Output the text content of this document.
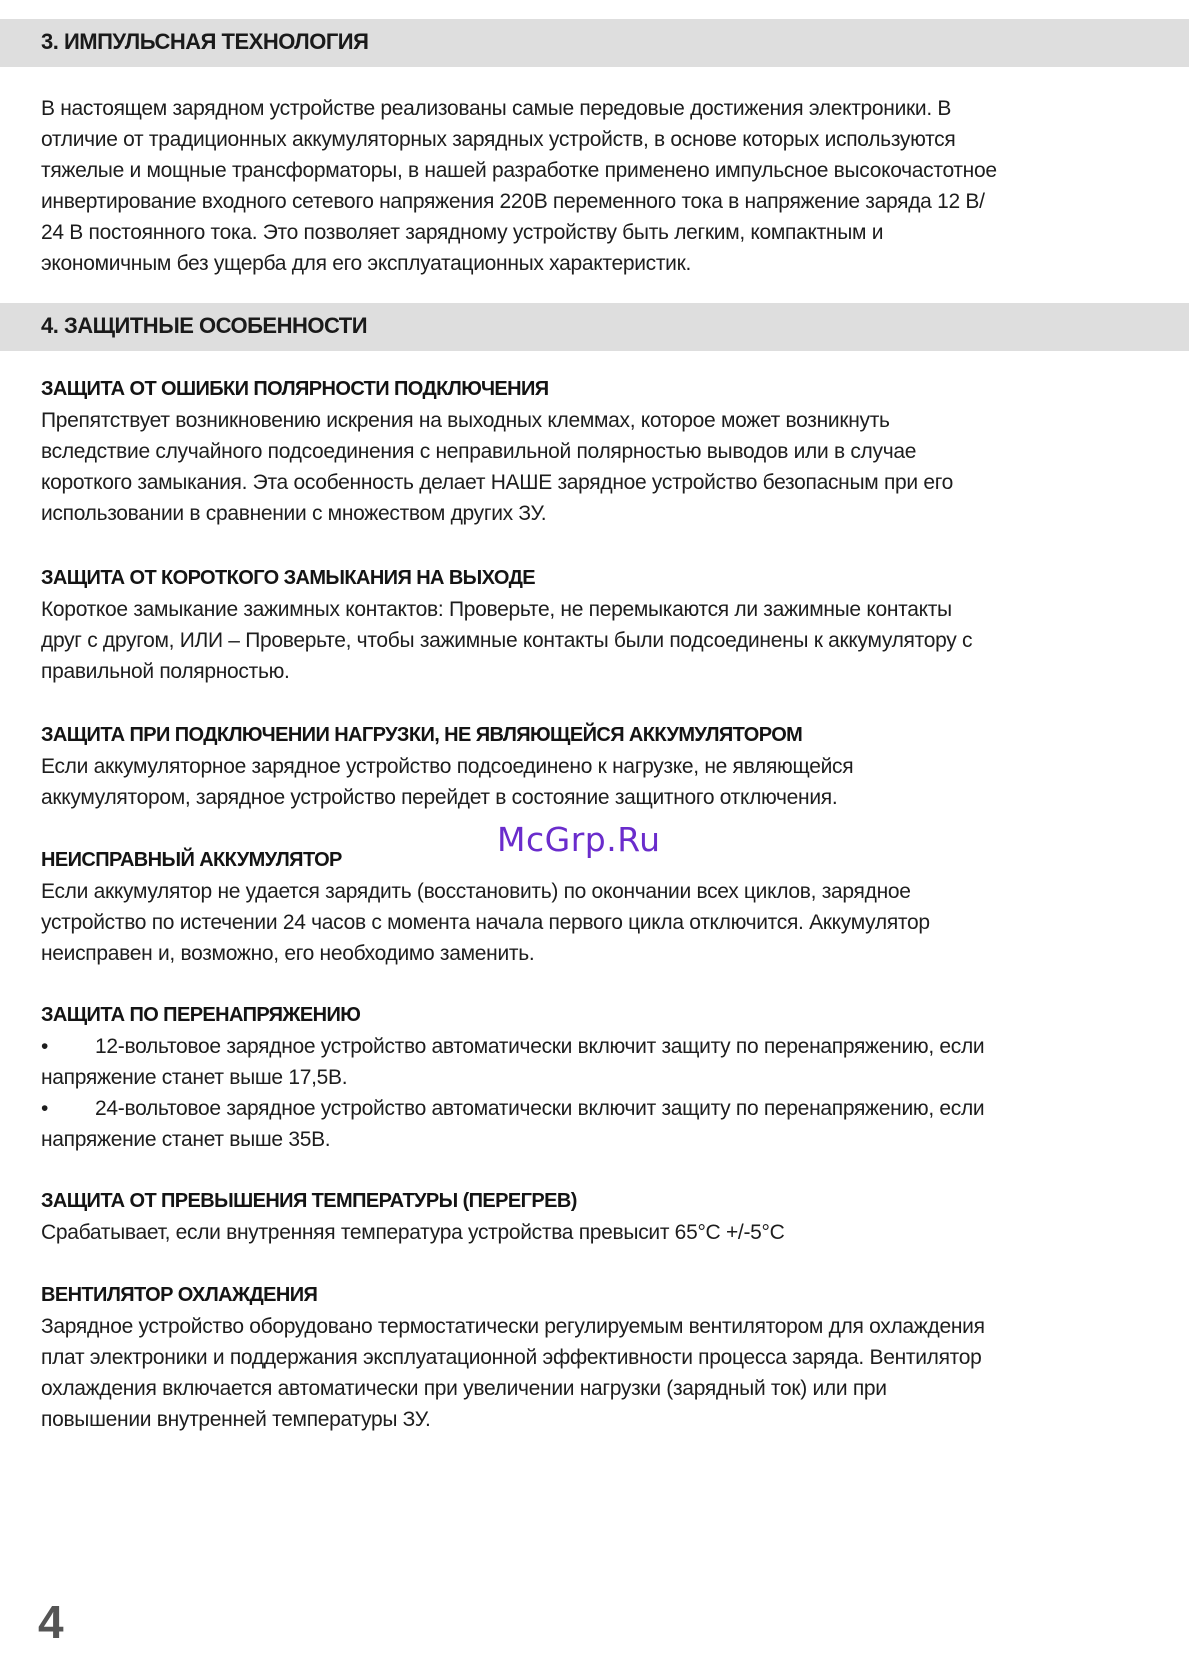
3. ИМПУЛЬСНАЯ ТЕХНОЛОГИЯ
В настоящем зарядном устройстве реализованы самые передовые достижения электроники. В
отличие от традиционных аккумуляторных зарядных устройств, в основе которых используются
тяжелые и мощные трансформаторы, в нашей разработке применено импульсное высокочастотное
инвертирование входного сетевого напряжения 220В переменного тока в напряжение заряда 12 В/
24 В постоянного тока. Это позволяет зарядному устройству быть легким, компактным и
экономичным без ущерба для его эксплуатационных характеристик.
4. ЗАЩИТНЫЕ ОСОБЕННОСТИ
ЗАЩИТА ОТ ОШИБКИ ПОЛЯРНОСТИ ПОДКЛЮЧЕНИЯ
Препятствует возникновению искрения на выходных клеммах, которое может возникнуть
вследствие случайного подсоединения с неправильной полярностью выводов или в случае
короткого замыкания. Эта особенность делает НАШЕ зарядное устройство безопасным при его
использовании в сравнении с множеством других ЗУ.
ЗАЩИТА ОТ КОРОТКОГО ЗАМЫКАНИЯ НА ВЫХОДЕ
Короткое замыкание зажимных контактов: Проверьте, не перемыкаются ли зажимные контакты
друг с другом, ИЛИ – Проверьте, чтобы зажимные контакты были подсоединены к аккумулятору с
правильной полярностью.
ЗАЩИТА ПРИ ПОДКЛЮЧЕНИИ НАГРУЗКИ, НЕ ЯВЛЯЮЩЕЙСЯ АККУМУЛЯТОРОМ
Если аккумуляторное зарядное устройство подсоединено к нагрузке, не являющейся
аккумулятором, зарядное устройство перейдет в состояние защитного отключения.
McGrp.Ru
НЕИСПРАВНЫЙ АККУМУЛЯТОР
Если аккумулятор не удается зарядить (восстановить) по окончании всех циклов, зарядное
устройство по истечении 24 часов с момента начала первого цикла отключится. Аккумулятор
неисправен и, возможно, его необходимо заменить.
ЗАЩИТА ПО ПЕРЕНАПРЯЖЕНИЮ
• 12-вольтовое зарядное устройство автоматически включит защиту по перенапряжению, если
напряжение станет выше 17,5В.
• 24-вольтовое зарядное устройство автоматически включит защиту по перенапряжению, если
напряжение станет выше 35В.
ЗАЩИТА ОТ ПРЕВЫШЕНИЯ ТЕМПЕРАТУРЫ (ПЕРЕГРЕВ)
Срабатывает, если внутренняя температура устройства превысит 65°C +/-5°C
ВЕНТИЛЯТОР ОХЛАЖДЕНИЯ
Зарядное устройство оборудовано термостатически регулируемым вентилятором для охлаждения
плат электроники и поддержания эксплуатационной эффективности процесса заряда. Вентилятор
охлаждения включается автоматически при увеличении нагрузки (зарядный ток) или при
повышении внутренней температуры ЗУ.
4
